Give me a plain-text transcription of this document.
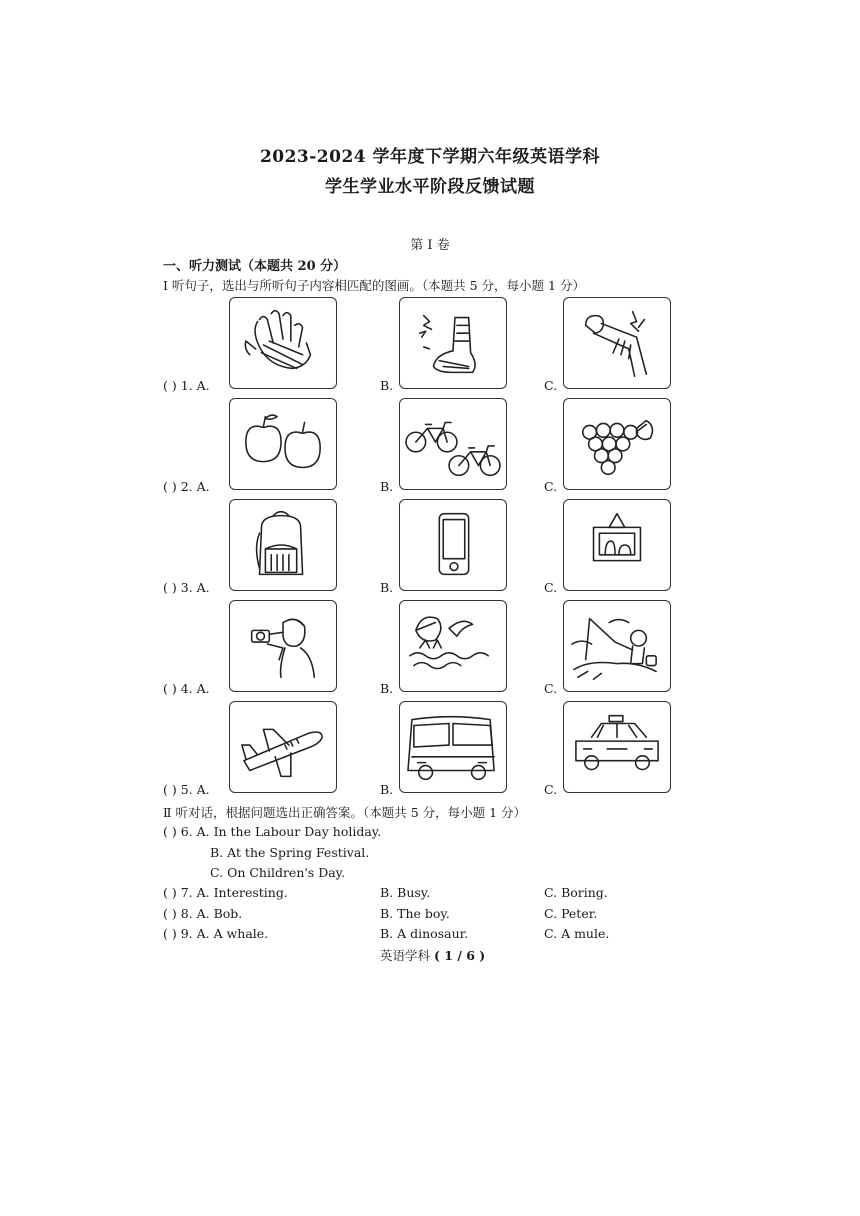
2023-2024 学年度下学期六年级英语学科
学生学业水平阶段反馈试题
第 I 卷
一、听力测试（本题共 20 分）
Ⅰ 听句子，选出与所听句子内容相匹配的图画。（本题共 5 分，每小题 1 分）
( ) 1. A.	B.	C.
( ) 2. A.	B.	C.
( ) 3. A.	B.	C.
( ) 4. A.	B.	C.
( ) 5. A.	B.	C.
Ⅱ 听对话，根据问题选出正确答案。（本题共 5 分，每小题 1 分）
( ) 6. A. In the Labour Day holiday.
B. At the Spring Festival.
C. On Children's Day.
( ) 7. A. Interesting.	B. Busy.	C. Boring.
( ) 8. A. Bob.	B. The boy.	C. Peter.
( ) 9. A. A whale.	B. A dinosaur.	C. A mule.
英语学科 ( 1 / 6 )
